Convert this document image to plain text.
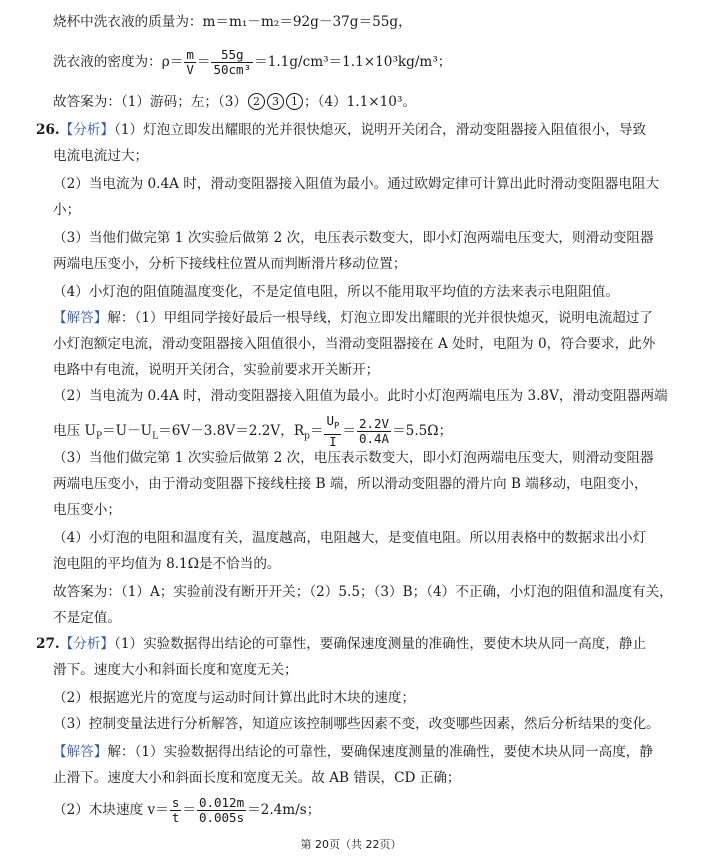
烧杯中洗衣液的质量为：m＝m₁－m₂＝92g－37g＝55g，
洗衣液的密度为：$\rho= \frac{m}{V} = \frac{55g}{\text{50cm³}} =1.1g/cm^3=1.1\times 10^3kg/m^3$；
故答案为：（1）游码；左；（3） 2 3 1 ；（4）1.1×10³。
26.【分析】（1）灯泡立即发出耀眼的光并很快熄灭，说明开关闭合，滑动变阻器接入阻值很小，导致
电流电流过大；
（2）当电流为 0.4A 时，滑动变阻器接入阻值为最小。通过欧姆定律可计算出此时滑动变阻器电阻大
小；
（3）当他们做完第 1 次实验后做第 2 次，电压表示数变大，即小灯泡两端电压变大，则滑动变阻器
两端电压变小，分析下接线柱位置从而判断滑片移动位置；
（4）小灯泡的阻值随温度变化，不是定值电阻，所以不能用取平均值的方法来表示电阻阻值。
【解答】解：（1）甲组同学接好最后一根导线，灯泡立即发出耀眼的光并很快熄灭，说明电流超过了
小灯泡额定电流，滑动变阻器接入阻值很小，当滑动变阻器接在 A 处时，电阻为 0，符合要求，此外
电路中有电流，说明开关闭合，实验前要求开关断开；
（2）当电流为 0.4A 时，滑动变阻器接入阻值为最小。此时小灯泡两端电压为 3.8V，滑动变阻器两端
电压 $U_P=U-U_L=6V-3.8V=2.2V$，$R_p= \frac{U_P}{I} = \frac{2.2V}{0.4A} =5.5\Omega$；
（3）当他们做完第 1 次实验后做第 2 次，电压表示数变大，即小灯泡两端电压变大，则滑动变阻器
两端电压变小，由于滑动变阻器下接线柱接 B 端，所以滑动变阻器的滑片向 B 端移动，电阻变小，
电压变小；
（4）小灯泡的电阻和温度有关，温度越高，电阻越大，是变值电阻。所以用表格中的数据求出小灯
泡电阻的平均值为 8.1Ω是不恰当的。
故答案为：（1）A；实验前没有断开开关；（2）5.5；（3）B；（4）不正确，小灯泡的阻值和温度有关，
不是定值。
27.【分析】（1）实验数据得出结论的可靠性，要确保速度测量的准确性，要使木块从同一高度，静止
滑下。速度大小和斜面长度和宽度无关；
（2）根据遮光片的宽度与运动时间计算出此时木块的速度；
（3）控制变量法进行分析解答，知道应该控制哪些因素不变，改变哪些因素，然后分析结果的变化。
【解答】解：（1）实验数据得出结论的可靠性，要确保速度测量的准确性，要使木块从同一高度，静
止滑下。速度大小和斜面长度和宽度无关。故 AB 错误，CD 正确；
（2）木块速度 $v= \frac{s}{t} = \frac{0.012m}{0.005s} =2.4m/s$；
第 20页（共 22页）
